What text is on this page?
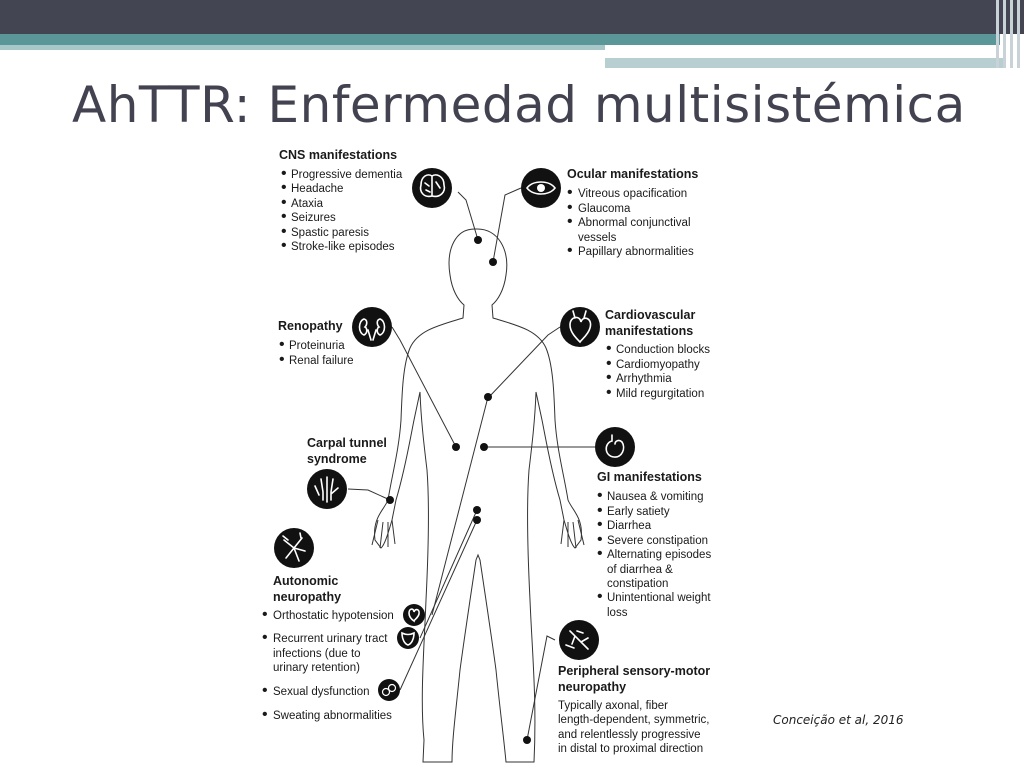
AhTTR: Enfermedad multisistémica
CNS manifestations
• Progressive dementia
• Headache
• Ataxia
• Seizures
• Spastic paresis
• Stroke-like episodes
Ocular manifestations
• Vitreous opacification
• Glaucoma
• Abnormal conjunctival
vessels
• Papillary abnormalities
Renopathy
• Proteinuria
• Renal failure
Cardiovascular
manifestations
• Conduction blocks
• Cardiomyopathy
• Arrhythmia
• Mild regurgitation
Carpal tunnel
syndrome
GI manifestations
• Nausea & vomiting
• Early satiety
• Diarrhea
• Severe constipation
• Alternating episodes
of diarrhea &
constipation
• Unintentional weight
loss
Autonomic
neuropathy
• Orthostatic hypotension
• Recurrent urinary tract
infections (due to
urinary retention)
• Sexual dysfunction
• Sweating abnormalities
Peripheral sensory-motor
neuropathy
Typically axonal, fiber
length-dependent, symmetric,
and relentlessly progressive
in distal to proximal direction
Conceição et al, 2016
